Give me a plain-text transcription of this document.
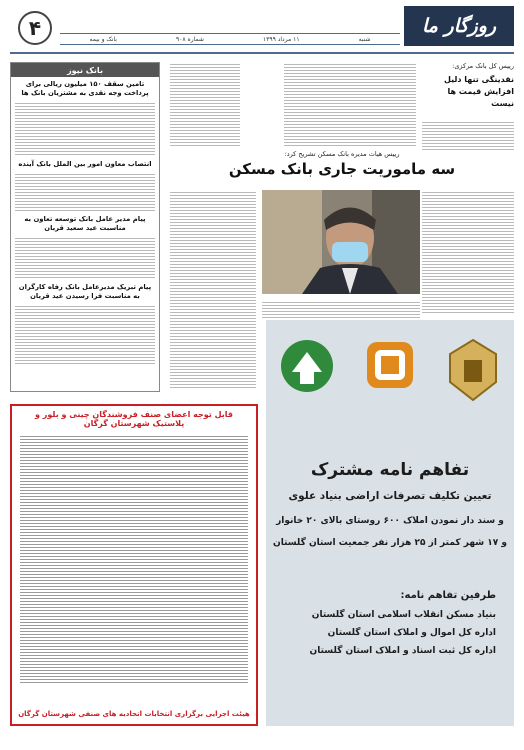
روزگار ما
شنبه
۱۱ مرداد ۱۳۹۹
شماره ۹۰۸
بانک و بیمه
۴
رییس کل بانک مرکزی:
نقدینگی تنها دلیل افزایش قیمت ها نیست
رییس هیات مدیره بانک مسکن تشریح کرد:
سه ماموریت جاری بانک مسکن
بانک نیوز
تامین سقف ۱۵۰ میلیون ریالی برای پرداخت وجه نقدی به مشتریان بانک ها
انتصاب معاون امور بین الملل بانک آینده
پیام مدیر عامل بانک توسعه تعاون به مناسبت عید سعید قربان
پیام تبریک مدیرعامل بانک رفاه کارگران به مناسبت فرا رسیدن عید قربان
قابل توجه اعضای صنف فروشندگان چینی و بلور و پلاستیک شهرستان گرگان
هیئت اجرایی برگزاری انتخابات اتحادیه های صنفی شهرستان گرگان
تفاهم نامه مشترک
تعیین تکلیف تصرفات اراضی بنیاد علوی
و سند دار نمودن املاک ۶۰۰ روستای بالای ۲۰ خانوار
و ۱۷ شهر کمتر از ۲۵ هزار نفر جمعیت استان گلستان
طرفین تفاهم نامه:
بنیاد مسکن انقلاب اسلامی استان گلستان
اداره کل اموال و املاک استان گلستان
اداره کل ثبت اسناد و املاک استان گلستان
